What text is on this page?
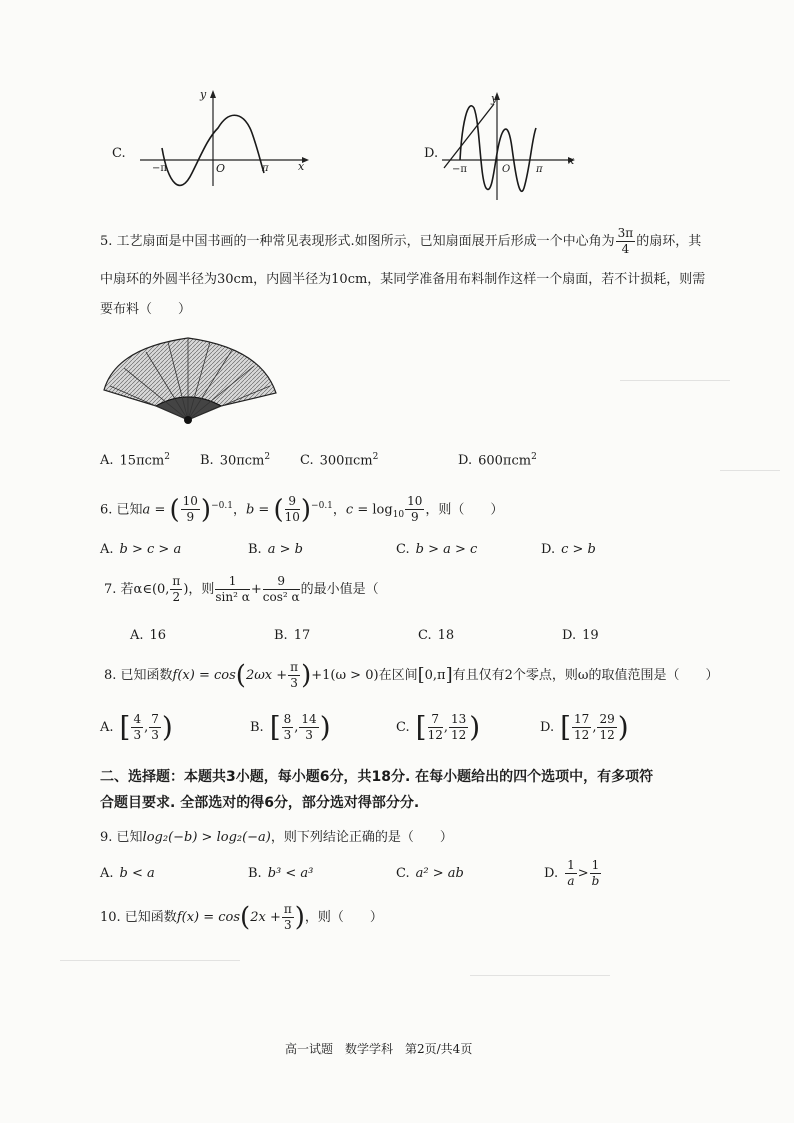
C.
y
x
−π	O	π
D.
y
x
−π	O	π
5. 工艺扇面是中国书画的一种常见表现形式.如图所示，已知扇面展开后形成一个中心角为 $\frac{3\pi}{4}$ 的扇环，其
中扇环的外圆半径为30cm，内圆半径为10cm，某同学准备用布料制作这样一个扇面，若不计损耗，则需
要布料（　　）
A. 15πcm$^2$ B. 30πcm$^2$ C. 300πcm$^2$	D. 600πcm$^2$
6. 已知a = ( $\frac{10}{9} )^{-0.1}$，b = ( $\frac{9}{10} )^{-0.1}$，$c = \log_{10} \frac{10}{9}$ ，则（　　）
A. b > c > a	B. a > b	C. b > a > c	D. c > b
7. 若α∈(0, $\frac{\pi}{2}$ )，则 $\frac{1}{\text{sin² α}} + \frac{9}{\text{cos² α}}$ 的最小值是（
A. 16	B. 17	C. 18	D. 19
8. 已知函数$f(x) = \cos(2\omega x + \frac{\pi}{3} )+1(\omega > 0)$在区间[0,π]有且仅有2个零点，则ω的取值范围是（　　）
A. [ $\frac{4}{3}$ , $\frac{7}{3}$ )	B. [ $\frac{8}{3}$ , $\frac{14}{3}$ )	C. [ $\frac{7}{12}$ , $\frac{13}{12}$ )	D. [ $\frac{17}{12}$ , $\frac{29}{12}$ )
二、选择题：本题共3小题，每小题6分，共18分. 在每小题给出的四个选项中，有多项符
合题目要求. 全部选对的得6分，部分选对得部分分.
9. 已知log₂(−b) > log₂(−a)，则下列结论正确的是（　　）
A. b < a	B. b³ < a³	C. a² > ab	D. $\frac{1}{a} > \frac{1}{b}$
10. 已知函数$f(x) = \cos(2x + \frac{\pi}{3}$ )，则（　　）
高一试题　数学学科　第2页/共4页
